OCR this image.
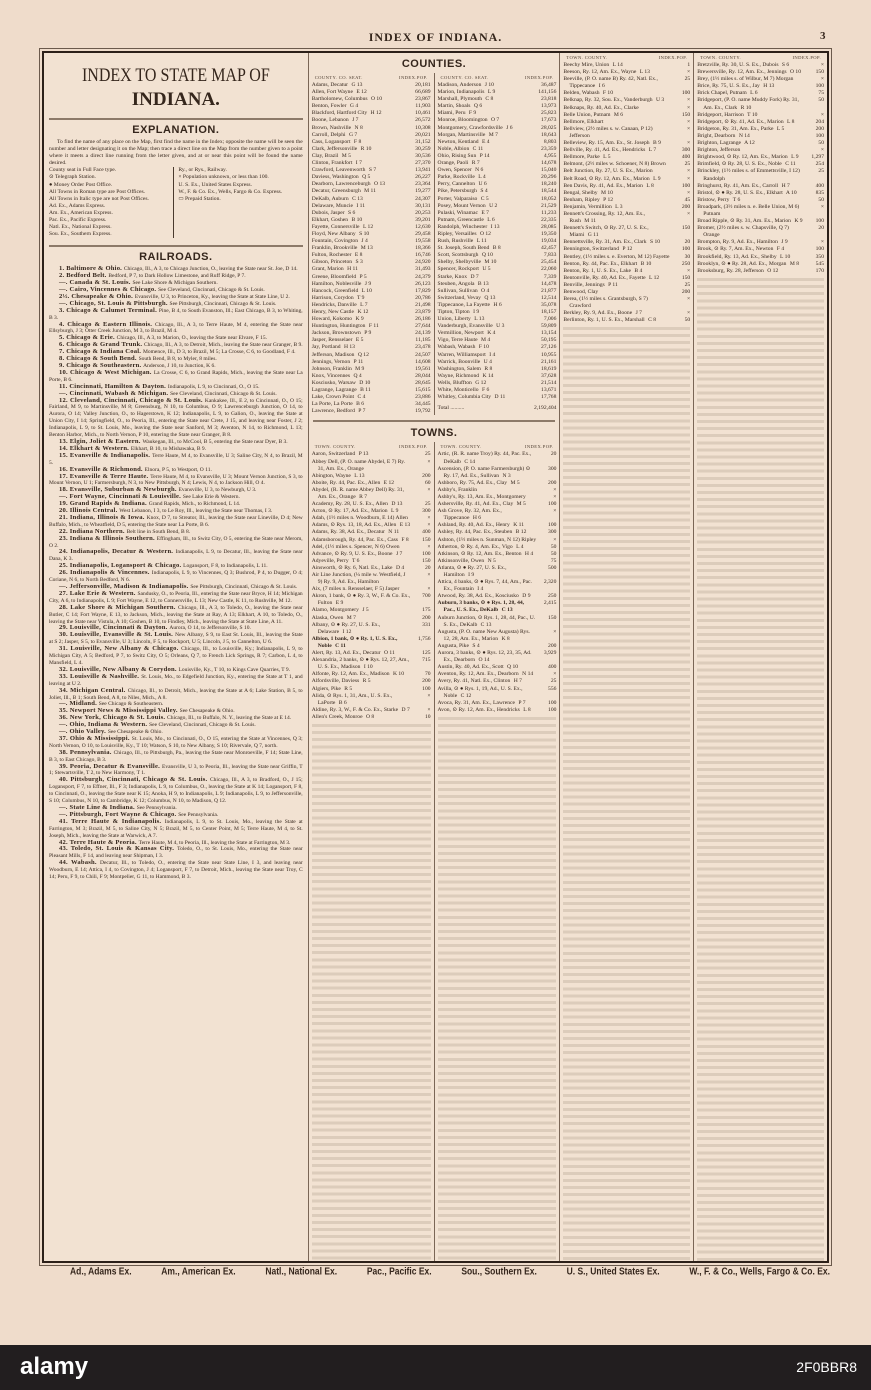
INDEX OF INDIANA.	3
INDEX TO STATE MAP OF
INDIANA.
EXPLANATION.

To find the name of any place on the Map, first find the name in the Index; opposite the name will be seen the number and letter designating it on the Map; then trace a direct line on the Map from the number given to a point where it meets a direct line running from the letter given, and at or near this point will be found the name desired.

County seat in Full Face type.
⊙ Telegraph Station.
● Money Order Post Office.
All Towns in Roman type are Post Offices.
All Towns in Italic type are not Post Offices.
Ad. Ex., Adams Express.
Am. Ex., American Express.
Pac. Ex., Pacific Express.
Natl. Ex., National Express.
Sou. Ex., Southern Express.
Ry., or Rys., Railway.
× Population unknown, or less than 100.
U. S. Ex., United States Express.
W., F. & Co. Ex., Wells, Fargo & Co. Express.
▭ Prepaid Station.
RAILROADS.

1. Baltimore & Ohio. Chicago, Ill., A 3, to Chicago Junction, O., leaving the State near St. Joe, D 14.

2. Bedford Belt. Bedford, P 7, to Dark Hollow Limestone, and Ruff Ridge, P 7.

—. Canada & St. Louis. See Lake Shore & Michigan Southern.

—. Cairo, Vincennes & Chicago. See Cleveland, Cincinnati, Chicago & St. Louis.

2½. Chesapeake & Ohio. Evansville, U 3, to Princeton, Ky., leaving the State at State Line, U 2.

—. Chicago, St. Louis & Pittsburgh. See Pittsburgh, Cincinnati, Chicago & St. Louis.

3. Chicago & Calumet Terminal. Pine, B 4, to South Evanston, Ill.; East Chicago, B 3, to Whiting, B 3.

4. Chicago & Eastern Illinois. Chicago, Ill., A 3, to Terre Haute, M 4, entering the State near Ellsyburgh, J 3; Otter Creek Junction, M 3, to Brazil, M 4.

5. Chicago & Erie. Chicago, Ill., A 3, to Marion, O., leaving the State near Elvare, F 15.

6. Chicago & Grand Trunk. Chicago, Ill., A 3, to Detroit, Mich., leaving the State near Granger, B 9.

7. Chicago & Indiana Coal. Momence, Ill., D 3, to Brazil, M 5; La Crosse, C 6, to Goodland, F 4.

8. Chicago & South Bend. South Bend, B 8, to Myler, 8 miles.

9. Chicago & Southeastern. Anderson, J 10, to Junction, K 6.

10. Chicago & West Michigan. La Crosse, C 6, to Grand Rapids, Mich., leaving the State near La Porte, B 6.

11. Cincinnati, Hamilton & Dayton. Indianapolis, L 9, to Cincinnati, O., O 15.

—. Cincinnati, Wabash & Michigan. See Cleveland, Cincinnati, Chicago & St. Louis.

12. Cleveland, Cincinnati, Chicago & St. Louis. Kankakee, Ill., E 2, to Cincinnati, O., O 15; Fairland, M 9, to Martinsville, M 8; Greensburg, N 10, to Columbus, O 9; Lawrenceburgh Junction, O 14, to Aurora, O 14; Valley Junction, O., to Hagerstown, K 12; Indianapolis, L 9, to Galion, O., leaving the State at Union City, I 14; Springfield, O., to Peoria, Ill., entering the State near Crete, J 15, and leaving near Foster, J 2; Indianapolis, L 9, to St. Louis, Mo., leaving the State near Sanford, M 3; Aventon, N 14, to Richmond, L 13; Benton Harbor, Mich., to North Vernon, P 10, entering the State near Granger, B 8.

13. Elgin, Joliet & Eastern. Waukegan, Ill., to McCool, B 5, entering the State near Dyer, B 3.

14. Elkhart & Western. Elkhart, B 10, to Mishawaka, B 9.

15. Evansville & Indianapolis. Terre Haute, M 4, to Evansville, U 3; Saline City, N 4, to Brazil, M 5.

16. Evansville & Richmond. Elnora, P 5, to Westport, O 11.

17. Evansville & Terre Haute. Terre Haute, M 4, to Evansville, U 3; Mount Vernon Junction, S 3, to Mount Vernon, U 1; Farmersburgh, N 3, to New Pittsburgh, N 4; Lewis, N 4, to Jackson Hill, O 4.

18. Evansville, Suburban & Newburgh. Evansville, U 3, to Newburgh, U 3.

—. Fort Wayne, Cincinnati & Louisville. See Lake Erie & Western.

19. Grand Rapids & Indiana. Grand Rapids, Mich., to Richmond, L 14.

20. Illinois Central. West Lebanon, I 3, to Le Roy, Ill., leaving the State near Thomas, I 3.

21. Indiana, Illinois & Iowa. Knox, D 7, to Streator, Ill., leaving the State near Lineville, D 4; New Buffalo, Mich., to Wheatfield, D 5, entering the State near La Porte, B 6.

22. Indiana Northern. Belt line in South Bend, B 8.

23. Indiana & Illinois Southern. Effingham, Ill., to Switz City, O 5, entering the State near Merom, O 2.

24. Indianapolis, Decatur & Western. Indianapolis, L 9, to Decatur, Ill., leaving the State near Dana, K 3.

25. Indianapolis, Logansport & Chicago. Logansport, F 8, to Indianapolis, L 11.

26. Indianapolis & Vincennes. Indianapolis, L 9, to Vincennes, Q 3; Bushrod, P 4, to Dugger, O 4; Coriane, N 6, to North Bedford, N 6.

—. Jeffersonville, Madison & Indianapolis. See Pittsburgh, Cincinnati, Chicago & St. Louis.

27. Lake Erie & Western. Sandusky, O., to Peoria, Ill., entering the State near Bryce, H 14; Michigan City, A 6, to Indianapolis, L 9; Fort Wayne, E 12, to Connersville, L 13; New Castle, K 11, to Rushville, M 12.

28. Lake Shore & Michigan Southern. Chicago, Ill., A 3, to Toledo, O., leaving the State near Butler, C 14; Fort Wayne, E 13, to Jackson, Mich., leaving the State at Ray, A 13; Elkhart, A 10, to Toledo, O., leaving the State near Vistula, A 10; Goshen, B 10, to Findley, Mich., leaving the State at State Line, A 11.

29. Louisville, Cincinnati & Dayton. Aurora, O 14, to Jeffersonville, S 10.

30. Louisville, Evansville & St. Louis. New Albany, S 9, to East St. Louis, Ill., leaving the State at S 2; Jasper, S 5, to Evansville, U 3; Lincoln, F 5, to Rockport, U 5; Lincoln, J 5, to Cannelton, U 6.

31. Louisville, New Albany & Chicago. Chicago, Ill., to Louisville, Ky.; Indianapolis, L 9, to Michigan City, A 5; Bedford, P 7, to Switz City, O 5; Orleans, Q 7, to French Lick Springs, R 7; Carbon, L 4, to Mansfield, L 4.

32. Louisville, New Albany & Corydon. Louisville, Ky., T 10, to Kings Cave Quarries, T 9.

33. Louisville & Nashville. St. Louis, Mo., to Edgefield Junction, Ky., entering the State at T 1, and leaving at U 2.

34. Michigan Central. Chicago, Ill., to Detroit, Mich., leaving the State at A 6; Lake Station, B 5, to Joliet, Ill., B 1; South Bend, A 8, to Niles, Mich., A 8.

—. Midland. See Chicago & Southeastern.

35. Newport News & Mississippi Valley. See Chesapeake & Ohio.

36. New York, Chicago & St. Louis. Chicago, Ill., to Buffalo, N. Y., leaving the State at E 14.

—. Ohio, Indiana & Western. See Cleveland, Cincinnati, Chicago & St. Louis.

—. Ohio Valley. See Chesapeake & Ohio.

37. Ohio & Mississippi. St. Louis, Mo., to Cincinnati, O., O 15, entering the State at Vincennes, Q 3; North Vernon, O 10, to Louisville, Ky., T 10; Watson, S 10, to New Albany, S 10; Rivervale, Q 7, north.

38. Pennsylvania. Chicago, Ill., to Pittsburgh, Pa., leaving the State near Monroeville, F 14; State Line, B 3, to East Chicago, B 3.

39. Peoria, Decatur & Evansville. Evansville, U 3, to Peoria, Ill., leaving the State near Griffin, T 1; Stewartsville, T 2, to New Harmony, T 1.

40. Pittsburgh, Cincinnati, Chicago & St. Louis. Chicago, Ill., A 3, to Bradford, O., J 15; Logansport, F 7, to Effner, Ill., F 3; Indianapolis, L 9, to Columbus, O., leaving the State at K 14; Logansport, F 8, to Cincinnati, O., leaving the State near K 15; Anoka, H 9, to Indianapolis, L 9; Indianapolis, L 9, to Jeffersonville, S 10; Columbus, N 10, to Cambridge, K 12; Columbus, N 10, to Madison, Q 12.

—. State Line & Indiana. See Pennsylvania.

—. Pittsburgh, Fort Wayne & Chicago. See Pennsylvania.

41. Terre Haute & Indianapolis. Indianapolis, L 9, to St. Louis, Mo., leaving the State at Farrington, M 3; Brazil, M 5, to Saline City, N 5; Brazil, M 5, to Center Point, M 5; Terre Haute, M 4, to St. Joseph, Mich., leaving the State at Warwick, A 7.

42. Terre Haute & Peoria. Terre Haute, M 4, to Peoria, Ill., leaving the State at Farrington, M 3.

43. Toledo, St. Louis & Kansas City. Toledo, O., to St. Louis, Mo., entering the State near Pleasant Mills, F 14, and leaving near Shipman, I 3.

44. Wabash. Decatur, Ill., to Toledo, O., entering the State near State Line, I 3, and leaving near Woodburn, E 14; Attica, I 4, to Covington, J 4; Logansport, F 7, to Detroit, Mich., leaving the State near Troy, C 14; Peru, F 9, to Chili, F 9; Montpelier, G 11, to Hammond, B 3.

COUNTIES.
COUNTY. CO. SEAT.	INDEX. POP.
Adams, Decatur G 13	20,181
Allen, Fort Wayne E 12	66,689
Bartholomew, Columbus O 10	23,867
Benton, Fowler G 4	11,903
Blackford, Hartford City H 12	10,461
Boone, Lebanon J 7	26,572
Brown, Nashville N 8	10,308
Carroll, Delphi G 7	20,021
Cass, Logansport F 8	31,152
Clark, Jeffersonville R 10	30,259
Clay, Brazil M 5	30,536
Clinton, Frankfort I 7	27,370
Crawford, Leavenworth S 7	13,941
Daviess, Washington Q 5	26,227
Dearborn, Lawrenceburgh O 13	23,364
Decatur, Greensburgh M 11	19,277
DeKalb, Auburn C 13	24,307
Delaware, Muncie I 11	30,131
Dubois, Jasper S 6	20,253
Elkhart, Goshen B 10	39,201
Fayette, Connersville L 12	12,630
Floyd, New Albany S 10	29,458
Fountain, Covington J 4	19,558
Franklin, Brookville M 13	18,366
Fulton, Rochester E 8	16,746
Gibson, Princeton S 3	24,920
Grant, Marion H 11	31,493
Greene, Bloomfield P 5	24,379
Hamilton, Noblesville J 9	26,123
Hancock, Greenfield L 10	17,829
Harrison, Corydon T 9	20,786
Hendricks, Danville L 7	21,498
Henry, New Castle K 12	23,879
Howard, Kokomo K 9	26,186
Huntington, Huntington F 11	27,644
Jackson, Brownstown P 9	24,139
Jasper, Rensselaer E 5	11,185
Jay, Portland H 13	23,478
Jefferson, Madison Q 12	24,507
Jennings, Vernon P 11	14,608
Johnson, Franklin M 9	19,561
Knox, Vincennes Q 4	28,044
Kosciusko, Warsaw D 10	28,645
Lagrange, Lagrange B 11	15,615
Lake, Crown Point C 4	23,886
La Porte, La Porte B 6	34,445
Lawrence, Bedford P 7	19,792
COUNTY. CO. SEAT.	INDEX. POP.
Madison, Anderson J 10	36,487
Marion, Indianapolis L 9	141,156
Marshall, Plymouth C 8	23,818
Martin, Shoals Q 6	13,973
Miami, Peru F 9	25,823
Monroe, Bloomington O 7	17,673
Montgomery, Crawfordsville J 6	28,025
Morgan, Martinsville M 7	18,643
Newton, Kentland E 4	8,803
Noble, Albion C 11	23,359
Ohio, Rising Sun P 14	4,955
Orange, Paoli R 7	14,678
Owen, Spencer N 6	15,040
Parke, Rockville L 4	20,296
Perry, Cannelton U 6	18,240
Pike, Petersburgh S 4	18,544
Porter, Valparaiso C 5	18,052
Posey, Mount Vernon U 2	21,529
Pulaski, Winamac E 7	11,233
Putnam, Greencastle L 6	22,335
Randolph, Winchester I 13	28,085
Ripley, Versailles O 12	19,350
Rush, Rushville L 11	19,034
St. Joseph, South Bend B 8	42,457
Scott, Scottsburgh Q 10	7,833
Shelby, Shelbyville M 10	25,454
Spencer, Rockport U 5	22,060
Starke, Knox D 7	7,339
Steuben, Angola B 13	14,478
Sullivan, Sullivan O 4	21,877
Switzerland, Vevay Q 13	12,514
Tippecanoe, La Fayette H 6	35,078
Tipton, Tipton I 9	18,157
Union, Liberty L 13	7,006
Vanderburgh, Evansville U 3	59,809
Vermillion, Newport K 4	13,154
Vigo, Terre Haute M 4	50,195
Wabash, Wabash F 10	27,126
Warren, Williamsport I 4	10,955
Warrick, Boonville U 4	21,161
Washington, Salem R 8	18,619
Wayne, Richmond K 14	37,628
Wells, Bluffton G 12	21,514
White, Monticello F 6	13,671
Whitley, Columbia City D 11	17,768
Total ..........	2,192,404
TOWNS.
TOWN. COUNTY.	INDEX. POP.
Aaron, Switzerland P 13	25
Abbey Dell, (P. O. name Abydel, E 7) Ry. 31, Am. Ex., Orange
×
Abington, Wayne L 13	200
Aboite, Ry. 44, Pac. Ex., Allen E 12	60
Abydel, (R. R. name Abbey Dell) Ry. 31, Am. Ex., Orange R 7
×
Academy, Ry. 28, U. S. Ex., Allen D 13	25
Acton, ⊙ Ry. 17, Ad. Ex., Marion L 9	300
Adah, (1½ miles n. Woodburn, E 14) Allen	×
Adams, ⊙ Rys. 13, 18, Ad. Ex., Allen E 13	×
Adams, Ry. 38, Ad. Ex., Decatur N 11	400
Adamsborough, Ry. 44, Pac. Ex., Cass F 8	150
Adel, (1½ miles s. Spencer, N 6) Owen	×
Advance, ⊙ Ry. 9, U. S. Ex., Boone J 7	100
Adyeville, Perry T 6	150
Ainsworth, ⊙ Ry. 6, Natl. Ex., Lake D 4	20
Air Line Junction, (¼ mile w. Westfield, J 9) Ry. 9, Ad. Ex., Hamilton
×
Aix, (7 miles n. Rensselaer, F 5) Jasper	×
Akron, 1 bank, ⊙ ● Ry. 3, W., F. & Co. Ex., Fulton E 9
700
Alamo, Montgomery J 5	175
Alaska, Owen M 7	200
Albany, ⊙ ● Ry. 27, U. S. Ex., Delaware I 12
331
Albion, 1 bank, ⊙ ● Ry. 1, U. S. Ex., Noble C 11
1,756
Alert, Ry. 13, Ad. Ex., Decatur O 11	125
Alexandria, 2 banks, ⊙ ● Rys. 12, 27, Am., U. S. Ex., Madison I 10
715
Alfonte, Ry. 12, Am. Ex., Madison K 10	70
Alfordsville, Daviess R 5	200
Algiers, Pike R 5	100
Alida, ⊙ Rys. 1, 31, Am., U. S. Ex., LaPorte B 6
×
Aldine, Ry. 3, W., F. & Co. Ex., Starke D 7	×
Allen's Creek, Monroe O 8	10
TOWN. COUNTY.	INDEX. POP.
Artic, (R. R. name Troy) Ry. 44, Pac. Ex., DeKalb C 14
20
Ascension, (P. O. name Farmersburgh) ⊙ Ry. 17, Ad. Ex., Sullivan N 3
300
Ashboro, Ry. 75, Ad. Ex., Clay M 5	200
Ashby's, Franklin	×
Ashby's, Ry. 13, Am. Ex., Montgomery	×
Ashersville, Ry. 41, Ad. Ex., Clay M 5	100
Ash Grove, Ry. 32, Am. Ex., Tippecanoe H 6
×
Ashland, Ry. 40, Ad. Ex., Henry K 11	100
Ashley, Ry. 44, Pac. Ex., Steuben B 12	300
Ashton, (1½ miles n. Sunman, N 12) Ripley	×
Atherton, ⊙ Ry. 4, Am. Ex., Vigo L 4	50
Atkinson, ⊙ Ry. 12, Am. Ex., Benton H 4	50
Atkinsonville, Owen N 5	75
Atlanta, ⊙ ● Ry. 27, U. S. Ex., Hamilton I 9
500
Attica, 4 banks, ⊙ ● Rys. 7, 44, Am., Pac. Ex., Fountain I 4
2,320
Atwood, Ry. 38, Ad. Ex., Kosciusko D 9	250
Auburn, 3 banks, ⊙ ● Rys. 1, 28, 44, Pac., U. S. Ex., DeKalb C 13
2,415
Auburn Junction, ⊙ Rys. 1, 28, 44, Pac., U. S. Ex., DeKalb C 13
150
Augusta, (P. O. name New Augusta) Rys. 12, 28, Am. Ex., Marion K 8
×
Augusta, Pike S 4	200
Aurora, 3 banks, ⊙ ● Rys. 12, 23, 35, Ad. Ex., Dearborn O 14
3,929
Austin, Ry. 40, Ad. Ex., Scott Q 10	400
Aventon, Ry. 12, Am. Ex., Dearborn N 14	×
Avery, Ry. 41, Natl. Ex., Clinton H 7	25
Avilla, ⊙ ● Rys. 1, 19, Ad., U. S. Ex., Noble C 12
556
Avoca, Ry. 31, Am. Ex., Lawrence P 7	100
Avon, ⊙ Ry. 12, Am. Ex., Hendricks L 8	100
TOWN. COUNTY.	INDEX. POP.
Beechy Mire, Union L 14	1
Beeson, Ry. 12, Am. Ex., Wayne L 13	×
Beeville, (P. O. name B) Ry. 42, Natl. Ex., Tippecanoe I 6
25
Belden, Wabash F 10	100
Belknap, Ry. 32, Sou. Ex., Vanderburgh U 3	×
Belknaps, Ry. 40, Ad. Ex., Clarke	×
Belle Union, Putnam M 6	150
Bellmore, Elkhart	×
Bellview, (2½ miles s. w. Canaan, P 12) Jefferson
×
Belleview, Ry. 15, Am. Ex., St. Joseph B 9	×
Bellville, Ry. 41, Ad. Ex., Hendricks L 7	300
Bellmore, Parke L 5	400
Belmont, (2½ miles w. Schoener, N 8) Brown	25
Belt Junction, Ry. 27, U. S. Ex., Marion	×
Belt Road, ⊙ Ry. 12, Am. Ex., Marion L 9	×
Ben Davis, Ry. 41, Ad. Ex., Marion L 8	100
Bengal, Shelby M 10	×
Benham, Ripley P 12	45
Benjamin, Vermillion L 3	200
Bennett's Crossing, Ry. 12, Am. Ex., Rush M 11
×
Bennett's Switch, ⊙ Ry. 27, U. S. Ex., Miami G 11
150
Bennettsville, Ry. 31, Am. Ex., Clark S 10	20
Bennington, Switzerland P 12	100
Bentley, (1½ miles s. e. Everton, M 12) Fayette	30
Benton, Ry. 44, Pac. Ex., Elkhart B 10	250
Benton, Ry. 1, U. S. Ex., Lake B 4	×
Bentonville, Ry. 40, Ad. Ex., Fayette L 12	150
Benville, Jennings P 11	25
Benwood, Clay	200
Berea, (1½ miles s. Grantsburgh, S 7) Crawford
×
Berkley, Ry. 9, Ad. Ex., Boone J 7	×
Berlinton, Ry. 1, U. S. Ex., Marshall C 8	50
TOWN. COUNTY.	INDEX. POP.
Bretzville, Ry. 30, U. S. Ex., Dubois S 6	×
Brewersville, Ry. 12, Am. Ex., Jennings O 10	150
Brey, (1½ miles s. of Wilbur, M 7) Morgan	×
Brice, Ry. 75, U. S. Ex., Jay H 13	100
Brick Chapel, Putnam L 6	75
Bridgeport, (P. O. name Muddy Fork) Ry. 31, Am. Ex., Clark R 10
50
Bridgeport, Harrison T 10	×
Bridgeport, ⊙ Ry. 41, Ad. Ex., Marion L 8	204
Bridgeton, Ry. 31, Am. Ex., Parke L 5	200
Bright, Dearborn N 14	100
Brighton, Lagrange A 12	50
Brighton, Jefferson	×
Brightwood, ⊙ Ry. 12, Am. Ex., Marion L 9	1,297
Brimfield, ⊙ Ry. 28, U. S. Ex., Noble C 11	254
Brinckley, (1½ miles s. of Emmettsville, I 12) Randolph
25
Bringhurst, Ry. 41, Am. Ex., Carroll H 7	400
Bristol, ⊙ ● Ry. 28, U. S. Ex., Elkhart A 10	835
Bristow, Perry T 6	50
Broadpark, (3½ miles n. e. Belle Union, M 6) Putnam
×
Broad Ripple, ⊙ Ry. 31, Am. Ex., Marion K 9	100
Bromer, (2½ miles s. w. Chapsville, Q 7) Orange
20
Brompton, Ry. 9, Ad. Ex., Hamilton J 9	×
Brook, ⊙ Ry. 7, Am. Ex., Newton F 4	100
Brookfield, Ry. 13, Ad. Ex., Shelby L 10	350
Brooklyn, ⊙ ● Ry. 28, Ad. Ex., Morgan M 8	545
Brooksburg, Ry. 28, Jefferson O 12	170
Ad., Adams Ex.	Am., American Ex.	Natl., National Ex.	Pac., Pacific Ex.	Sou., Southern Ex.	U. S., United States Ex.	W., F. & Co., Wells, Fargo & Co. Ex.
alamy	2F0BBR8
